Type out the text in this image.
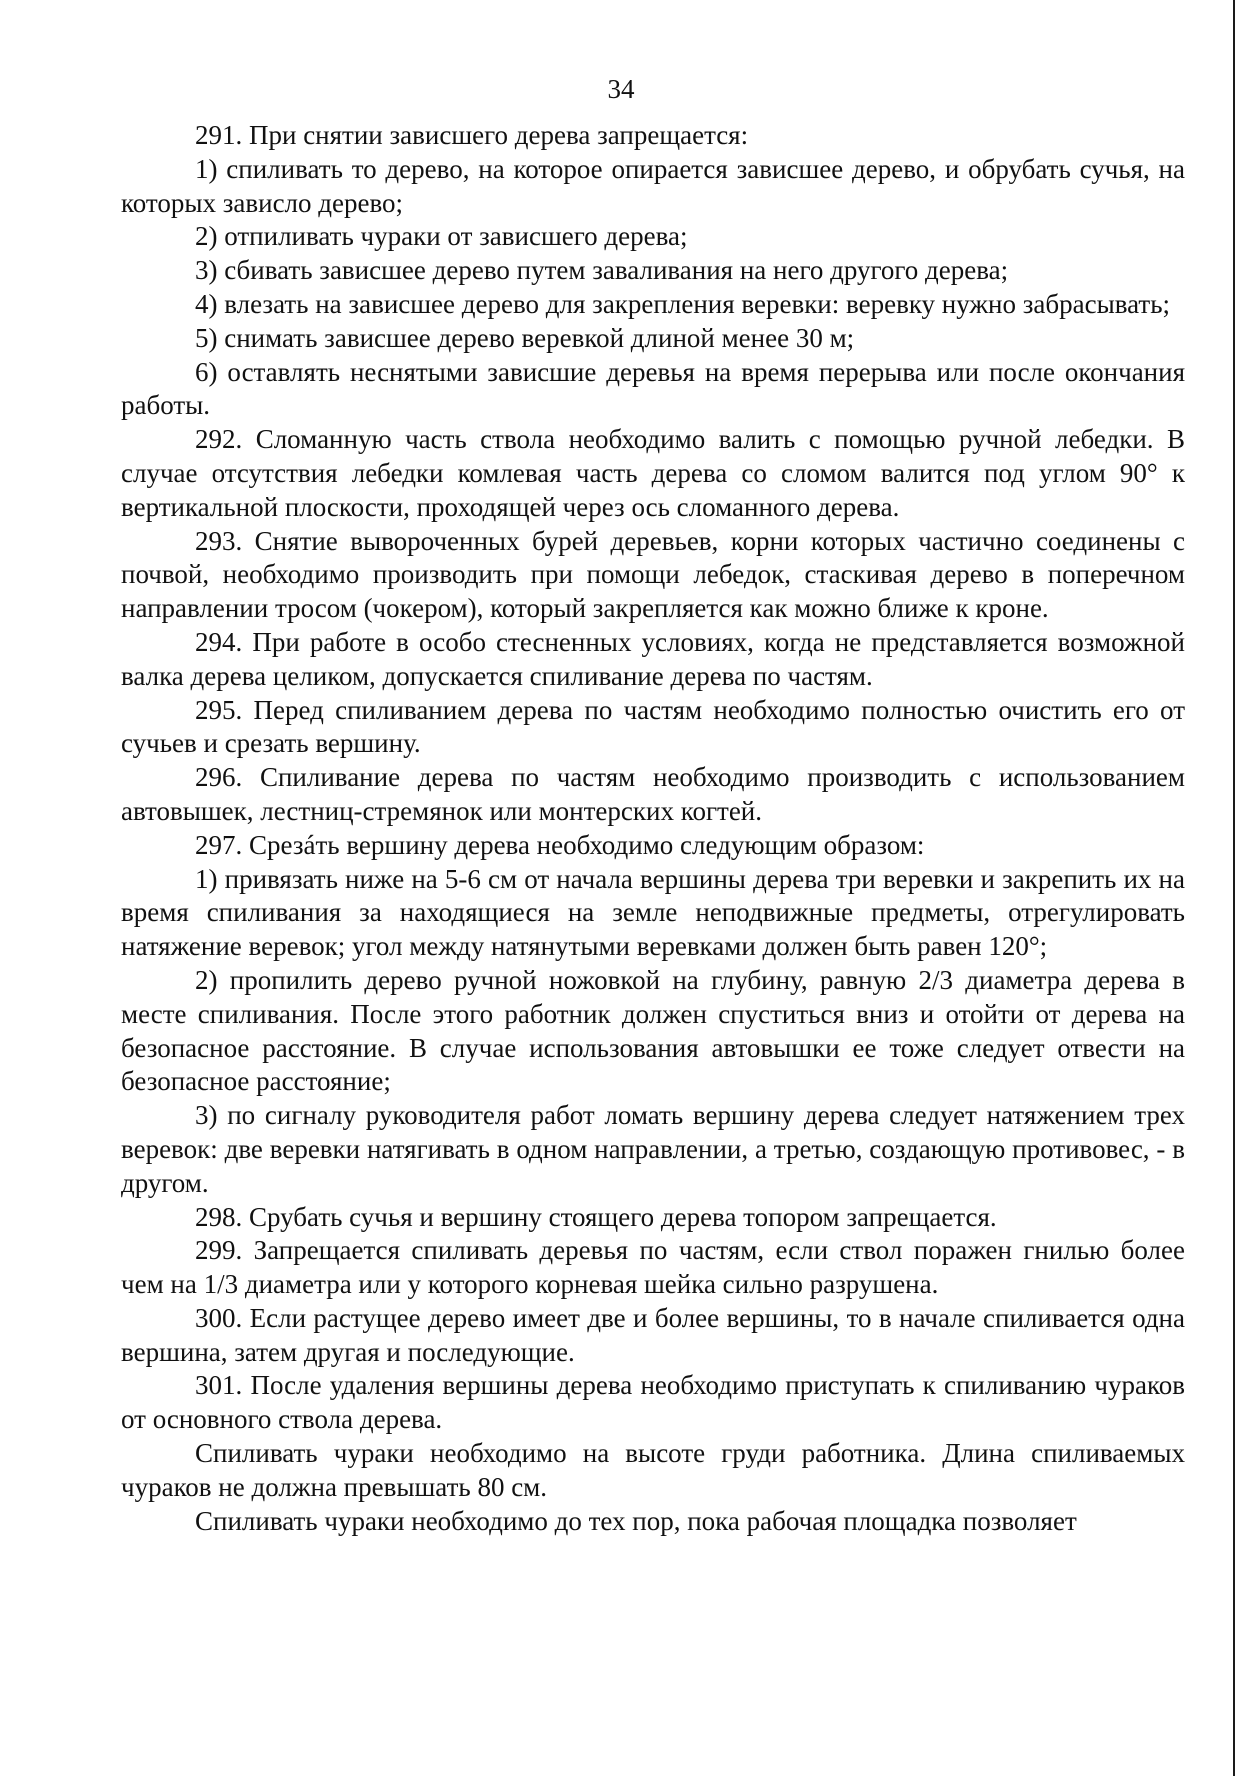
34

291. При снятии зависшего дерева запрещается:

1) спиливать то дерево, на которое опирается зависшее дерево, и обрубать сучья, на которых зависло дерево;

2) отпиливать чураки от зависшего дерева;

3) сбивать зависшее дерево путем заваливания на него другого дерева;

4) влезать на зависшее дерево для закрепления веревки: веревку нужно забрасывать;

5) снимать зависшее дерево веревкой длиной менее 30 м;

6) оставлять неснятыми зависшие деревья на время перерыва или после окончания работы.

292. Сломанную часть ствола необходимо валить с помощью ручной лебедки. В случае отсутствия лебедки комлевая часть дерева со сломом валится под углом 90° к вертикальной плоскости, проходящей через ось сломанного дерева.

293. Снятие вывороченных бурей деревьев, корни которых частично соединены с почвой, необходимо производить при помощи лебедок, стаскивая дерево в поперечном направлении тросом (чокером), который закрепляется как можно ближе к кроне.

294. При работе в особо стесненных условиях, когда не представляется возможной валка дерева целиком, допускается спиливание дерева по частям.

295. Перед спиливанием дерева по частям необходимо полностью очистить его от сучьев и срезать вершину.

296. Спиливание дерева по частям необходимо производить с использованием автовышек, лестниц-стремянок или монтерских когтей.

297. Срезáть вершину дерева необходимо следующим образом:

1) привязать ниже на 5-6 см от начала вершины дерева три веревки и закрепить их на время спиливания за находящиеся на земле неподвижные предметы, отрегулировать натяжение веревок; угол между натянутыми веревками должен быть равен 120°;

2) пропилить дерево ручной ножовкой на глубину, равную 2/3 диаметра дерева в месте спиливания. После этого работник должен спуститься вниз и отойти от дерева на безопасное расстояние. В случае использования автовышки ее тоже следует отвести на безопасное расстояние;

3) по сигналу руководителя работ ломать вершину дерева следует натяжением трех веревок: две веревки натягивать в одном направлении, а третью, создающую противовес, - в другом.

298. Срубать сучья и вершину стоящего дерева топором запрещается.

299. Запрещается спиливать деревья по частям, если ствол поражен гнилью более чем на 1/3 диаметра или у которого корневая шейка сильно разрушена.

300. Если растущее дерево имеет две и более вершины, то в начале спиливается одна вершина, затем другая и последующие.

301. После удаления вершины дерева необходимо приступать к спиливанию чураков от основного ствола дерева.

Спиливать чураки необходимо на высоте груди работника. Длина спиливаемых чураков не должна превышать 80 см.

Спиливать чураки необходимо до тех пор, пока рабочая площадка позволяет
